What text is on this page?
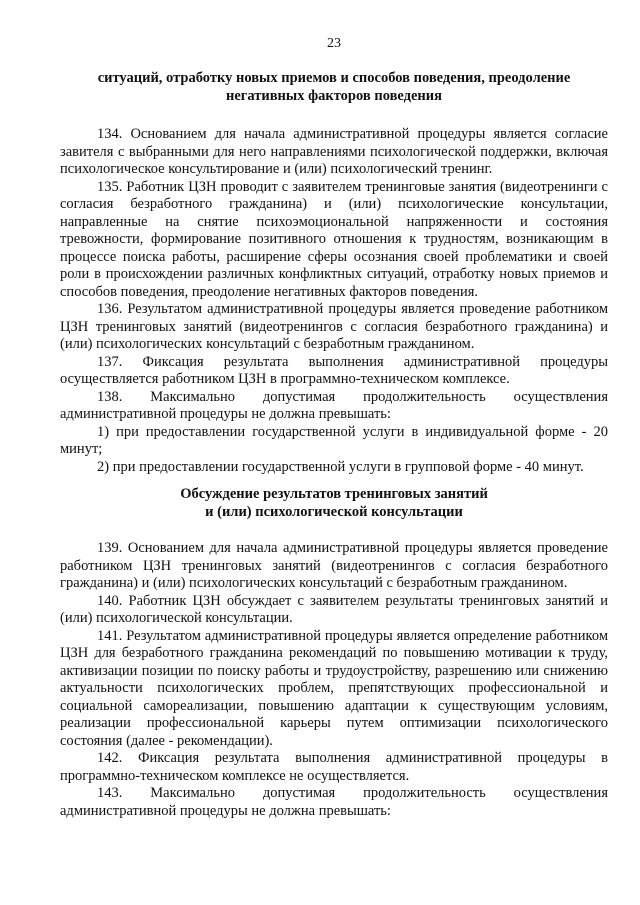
23
ситуаций, отработку новых приемов и способов поведения, преодоление
негативных факторов поведения

134. Основанием для начала административной процедуры является согласие завителя с выбранными для него направлениями психологической поддержки, включая психологическое консультирование и (или) психологический тренинг.

135. Работник ЦЗН проводит с заявителем тренинговые занятия (видеотренинги с согласия безработного гражданина) и (или) психологические консультации, направленные на снятие психоэмоциональной напряженности и состояния тревожности, формирование позитивного отношения к трудностям, возникающим в процессе поиска работы, расширение сферы осознания своей проблематики и своей роли в происхождении различных конфликтных ситуаций, отработку новых приемов и способов поведения, преодоление негативных факторов поведения.

136. Результатом административной процедуры является проведение работником ЦЗН тренинговых занятий (видеотренингов с согласия безработного гражданина) и (или) психологических консультаций с безработным гражданином.

137. Фиксация результата выполнения административной процедуры осуществляется работником ЦЗН в программно-техническом комплексе.

138. Максимально допустимая продолжительность осуществления административной процедуры не должна превышать:

1) при предоставлении государственной услуги в индивидуальной форме - 20 минут;

2) при предоставлении государственной услуги в групповой форме - 40 минут.

Обсуждение результатов тренинговых занятий
и (или) психологической консультации

139. Основанием для начала административной процедуры является проведение работником ЦЗН тренинговых занятий (видеотренингов с согласия безработного гражданина) и (или) психологических консультаций с безработным гражданином.

140. Работник ЦЗН обсуждает с заявителем результаты тренинговых занятий и (или) психологической консультации.

141. Результатом административной процедуры является определение работником ЦЗН для безработного гражданина рекомендаций по повышению мотивации к труду, активизации позиции по поиску работы и трудоустройству, разрешению или снижению актуальности психологических проблем, препятствующих профессиональной и социальной самореализации, повышению адаптации к существующим условиям, реализации профессиональной карьеры путем оптимизации психологического состояния (далее - рекомендации).

142. Фиксация результата выполнения административной процедуры в программно-техническом комплексе не осуществляется.

143. Максимально допустимая продолжительность осуществления административной процедуры не должна превышать:
